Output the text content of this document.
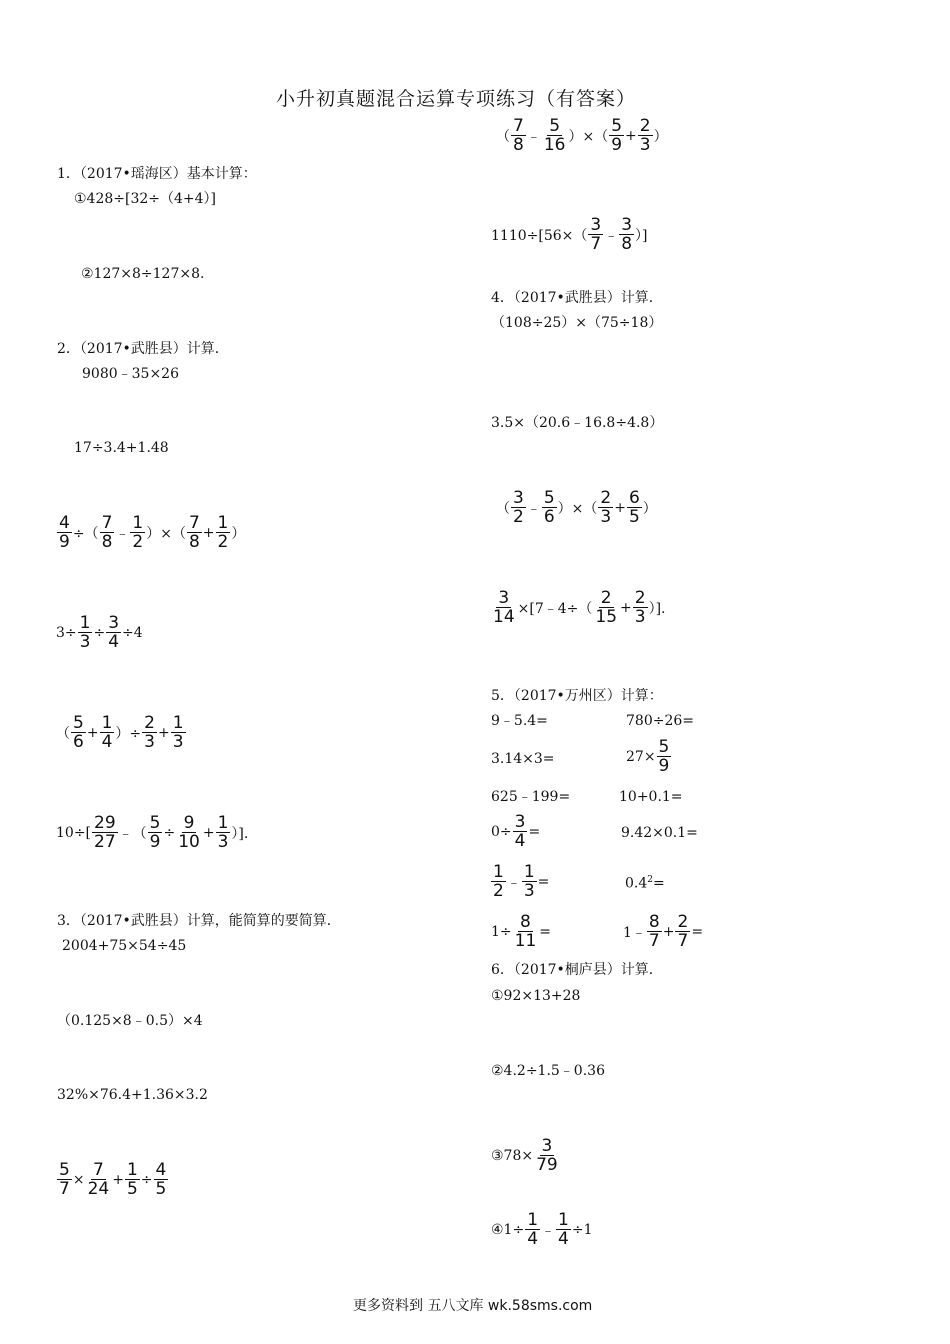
小升初真题混合运算专项练习（有答案）
1．（2017•瑶海区）基本计算：
①428÷[32÷（4+4）]
②127×8÷127×8.
2．（2017•武胜县）计算．
9080﹣35×26
17÷3.4+1.48
$\frac{4}{9}$ ÷（ $\frac{7}{8}$ ﹣ $\frac{1}{2}$ ）×（ $\frac{7}{8} + \frac{1}{2}$ ）
$3\div \frac{1}{3} \div \frac{3}{4} \div 4$
（ $\frac{5}{6} + \frac{1}{4}$ ）÷ $\frac{2}{3} + \frac{1}{3}$
$10\div[ \frac{29}{27}$ ﹣（ $\frac{5}{9} \div \frac{9}{10} + \frac{1}{3}$ ）].
3．（2017•武胜县）计算，能简算的要简算．
2004+75×54÷45
（0.125×8﹣0.5）×4
32%×76.4+1.36×3.2
$\frac{5}{7} \times \frac{7}{24} + \frac{1}{5} \div \frac{4}{5}$
（ $\frac{7}{8}$ ﹣ $\frac{5}{16}$ ）×（ $\frac{5}{9} + \frac{2}{3}$ ）
$1110\div[56\times( \frac{3}{7}$ ﹣ $\frac{3}{8}$ ）]
4．（2017•武胜县）计算．
（108÷25）×（75÷18）
3.5×（20.6﹣16.8÷4.8）
（ $\frac{3}{2}$ ﹣ $\frac{5}{6}$ ）×（ $\frac{2}{3} + \frac{6}{5}$ ）
$\frac{3}{14}$ ×[7﹣4÷（ $\frac{2}{15} + \frac{2}{3}$ ）].
5．（2017•万州区）计算：
9﹣5.4=	780÷26=
3.14×3=	$27\times \frac{5}{9}$
625﹣199=	10+0.1=
$0\div \frac{3}{4}$ =	9.42×0.1=
$\frac{1}{2}$ ﹣ $\frac{1}{3}$ =	$0.4^2=$
$1\div \frac{8}{11}$ =	1﹣ $\frac{8}{7} + \frac{2}{7}$ =
6．（2017•桐庐县）计算．
①92×13+28
②4.2÷1.5﹣0.36
③78× $\frac{3}{79}$
④1÷ $\frac{1}{4}$ ﹣ $\frac{1}{4} \div 1$
更多资料到 五八文库 wk.58sms.com
